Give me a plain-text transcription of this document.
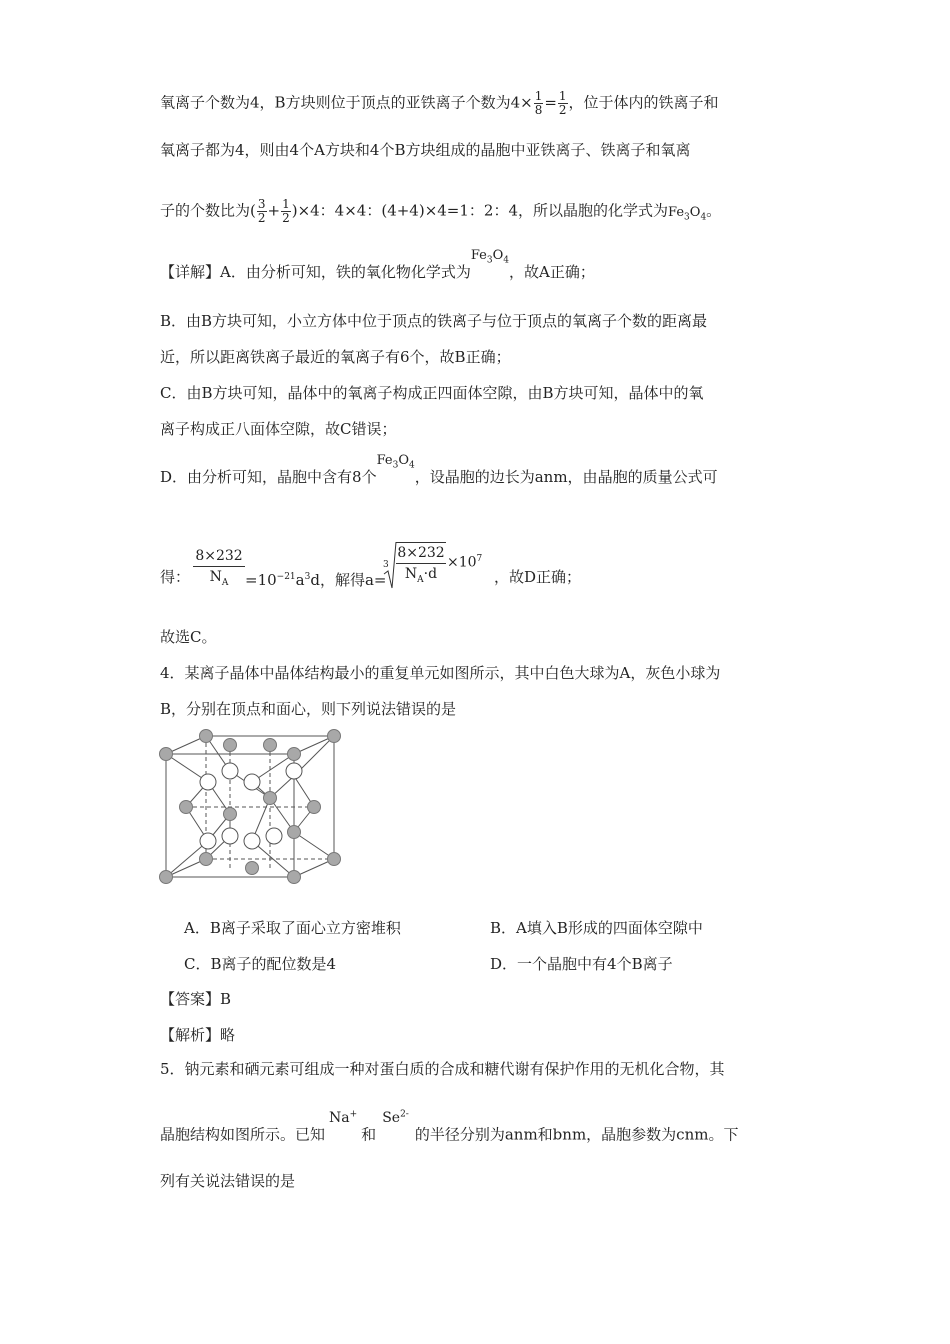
氧离子个数为4，B方块则位于顶点的亚铁离子个数为$4\times \frac{1}{8} = \frac{1}{2}$ ，位于体内的铁离子和
氧离子都为4，则由4个A方块和4个B方块组成的晶胞中亚铁离子、铁离子和氧离
子的个数比为( $\frac{3}{2} + \frac{1}{2} )\times 4$：4×4：(4+4)×4=1：2：4，所以晶胞的化学式为$Fe_3O_4$。
【详解】A．由分析可知，铁的氧化物化学式为$Fe_3O_4$，故A正确；
B．由B方块可知，小立方体中位于顶点的铁离子与位于顶点的氧离子个数的距离最
近，所以距离铁离子最近的氧离子有6个，故B正确；
C．由B方块可知，晶体中的氧离子构成正四面体空隙，由B方块可知，晶体中的氧
离子构成正八面体空隙，故C错误；
D．由分析可知，晶胞中含有8个$Fe_3O_4$，设晶胞的边长为anm，由晶胞的质量公式可
得： $\frac{8\times 232}{N_A} =10^{-21}a^3d$，解得a=
$3 \frac{8\times 232}{N_A\cdot d} \times 10^7$
，故D正确；
故选C。
4．某离子晶体中晶体结构最小的重复单元如图所示，其中白色大球为A，灰色小球为
B，分别在顶点和面心，则下列说法错误的是
A．B离子采取了面心立方密堆积	B．A填入B形成的四面体空隙中
C．B离子的配位数是4	D．一个晶胞中有4个B离子
【答案】B
【解析】略
5．钠元素和硒元素可组成一种对蛋白质的合成和糖代谢有保护作用的无机化合物，其
晶胞结构如图所示。已知Na+和$Se^{2-}$的半径分别为anm和bnm，晶胞参数为cnm。下
列有关说法错误的是
